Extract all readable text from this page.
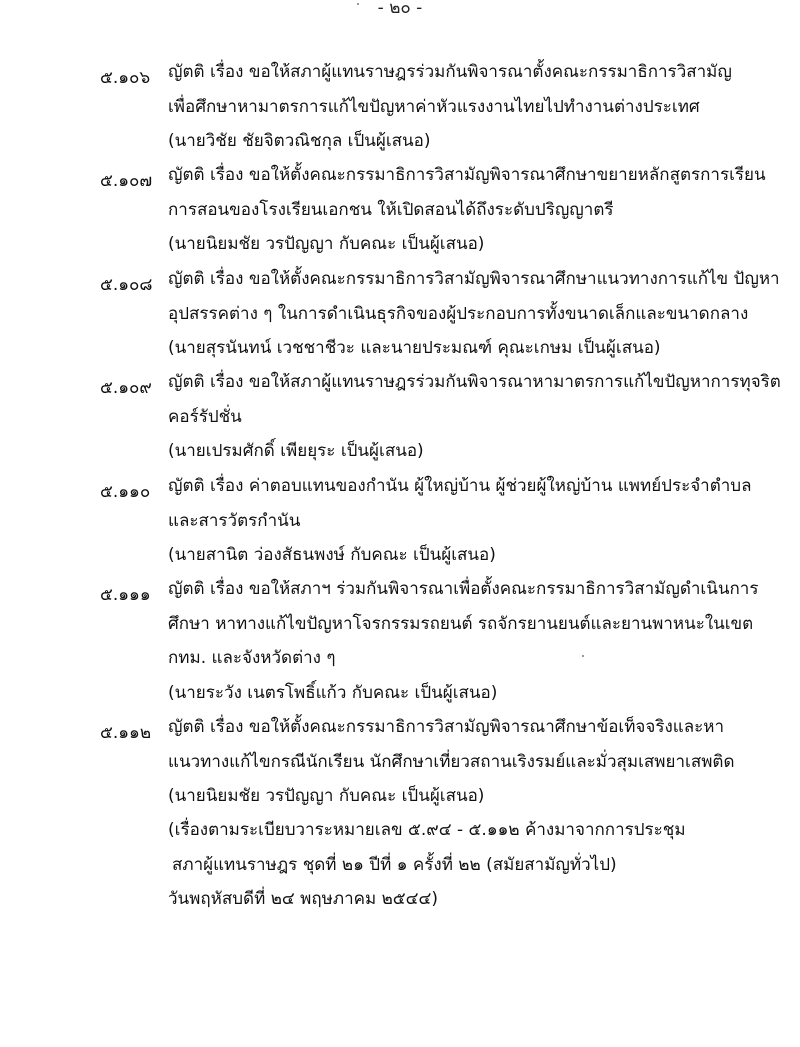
- ๒๐ -
๕.๑๐๖ ญัตติ เรื่อง ขอให้สภาผู้แทนราษฎรร่วมกันพิจารณาตั้งคณะกรรมาธิการวิสามัญ
เพื่อศึกษาหามาตรการแก้ไขปัญหาค่าหัวแรงงานไทยไปทำงานต่างประเทศ
(นายวิชัย ชัยจิตวณิชกุล เป็นผู้เสนอ)
๕.๑๐๗ ญัตติ เรื่อง ขอให้ตั้งคณะกรรมาธิการวิสามัญพิจารณาศึกษาขยายหลักสูตรการเรียน
การสอนของโรงเรียนเอกชน ให้เปิดสอนได้ถึงระดับปริญญาตรี
(นายนิยมชัย วรปัญญา กับคณะ เป็นผู้เสนอ)
๕.๑๐๘ ญัตติ เรื่อง ขอให้ตั้งคณะกรรมาธิการวิสามัญพิจารณาศึกษาแนวทางการแก้ไข ปัญหา
อุปสรรคต่าง ๆ ในการดำเนินธุรกิจของผู้ประกอบการทั้งขนาดเล็กและขนาดกลาง
(นายสุรนันทน์ เวชชาชีวะ และนายประมณฑ์ คุณะเกษม เป็นผู้เสนอ)
๕.๑๐๙ ญัตติ เรื่อง ขอให้สภาผู้แทนราษฎรร่วมกันพิจารณาหามาตรการแก้ไขปัญหาการทุจริต
คอร์รัปชั่น
(นายเปรมศักดิ์ เพียยุระ เป็นผู้เสนอ)
๕.๑๑๐ ญัตติ เรื่อง ค่าตอบแทนของกำนัน ผู้ใหญ่บ้าน ผู้ช่วยผู้ใหญ่บ้าน แพทย์ประจำตำบล
และสารวัตรกำนัน
(นายสานิต ว่องสัธนพงษ์ กับคณะ เป็นผู้เสนอ)
๕.๑๑๑ ญัตติ เรื่อง ขอให้สภาฯ ร่วมกันพิจารณาเพื่อตั้งคณะกรรมาธิการวิสามัญดำเนินการ
ศึกษา หาทางแก้ไขปัญหาโจรกรรมรถยนต์ รถจักรยานยนต์และยานพาหนะในเขต
กทม. และจังหวัดต่าง ๆ
(นายระวัง เนตรโพธิ์แก้ว กับคณะ เป็นผู้เสนอ)
๕.๑๑๒ ญัตติ เรื่อง ขอให้ตั้งคณะกรรมาธิการวิสามัญพิจารณาศึกษาข้อเท็จจริงและหา
แนวทางแก้ไขกรณีนักเรียน นักศึกษาเที่ยวสถานเริงรมย์และมั่วสุมเสพยาเสพติด
(นายนิยมชัย วรปัญญา กับคณะ เป็นผู้เสนอ)
(เรื่องตามระเบียบวาระหมายเลข ๕.๙๔ - ๕.๑๑๒ ค้างมาจากการประชุม
สภาผู้แทนราษฎร ชุดที่ ๒๑ ปีที่ ๑ ครั้งที่ ๒๒ (สมัยสามัญทั่วไป)
วันพฤหัสบดีที่ ๒๔ พฤษภาคม ๒๕๔๔)
